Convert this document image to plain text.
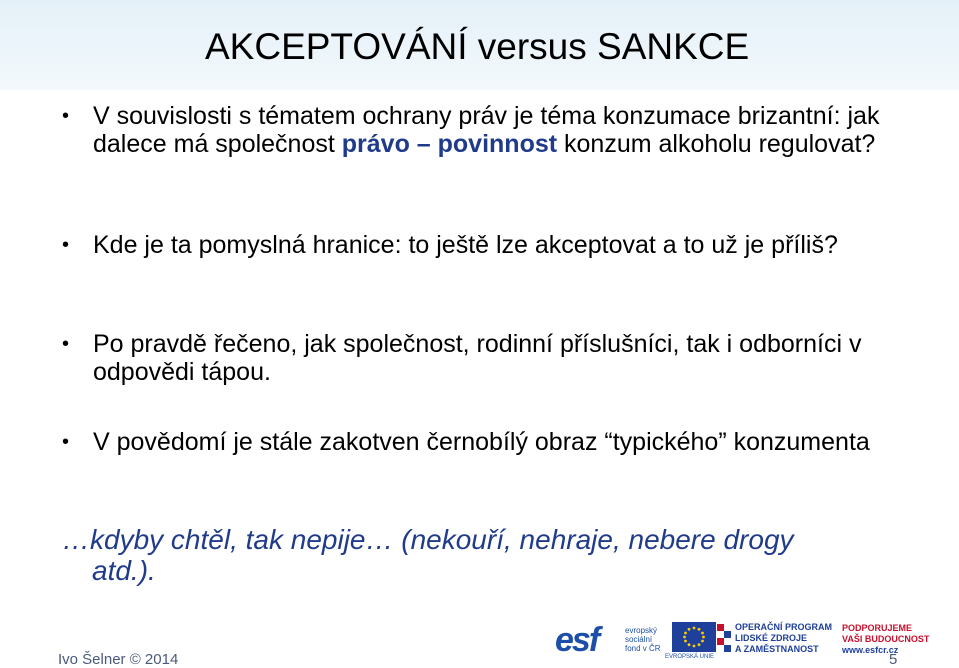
AKCEPTOVÁNÍ versus SANKCE
• V souvislosti s tématem ochrany práv je téma konzumace brizantní: jak dalece má společnost právo – povinnost konzum alkoholu regulovat?
• Kde je ta pomyslná hranice: to ještě lze akceptovat a to už je příliš?
• Po pravdě řečeno, jak společnost, rodinní příslušníci, tak i odborníci v odpovědi tápou.
• V povědomí je stále zakotven černobílý obraz “typického” konzumenta
…kdyby chtěl, tak nepije… (nekouří, nehraje, nebere drogy
atd.).
Ivo Šelner © 2014	5
esf	evropský sociální fond v ČR
EVROPSKÁ UNIE
OPERAČNÍ PROGRAM
LIDSKÉ ZDROJE
A ZAMĚSTNANOST
PODPORUJEME
VAŠI BUDOUCNOST
www.esfcr.cz
